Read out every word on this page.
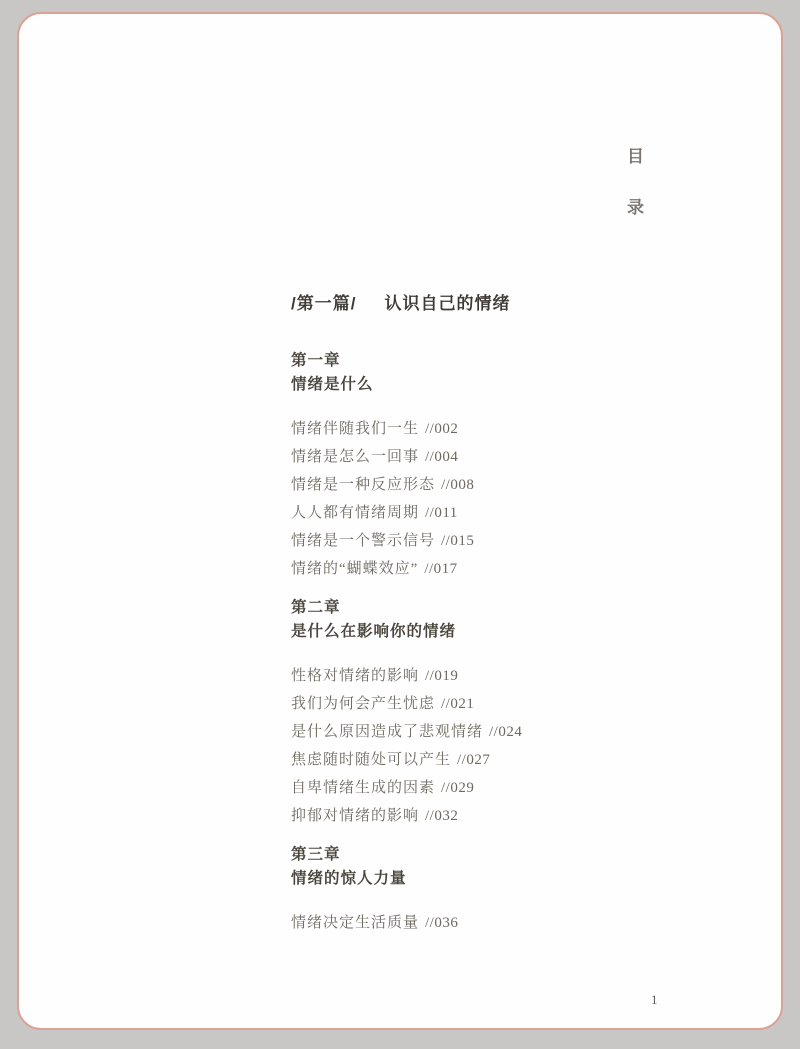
目
录
/第一篇/ 认识自己的情绪
第一章
情绪是什么
情绪伴随我们一生 //002
情绪是怎么一回事 //004
情绪是一种反应形态 //008
人人都有情绪周期 //011
情绪是一个警示信号 //015
情绪的“蝴蝶效应” //017
第二章
是什么在影响你的情绪
性格对情绪的影响 //019
我们为何会产生忧虑 //021
是什么原因造成了悲观情绪 //024
焦虑随时随处可以产生 //027
自卑情绪生成的因素 //029
抑郁对情绪的影响 //032
第三章
情绪的惊人力量
情绪决定生活质量 //036
1
